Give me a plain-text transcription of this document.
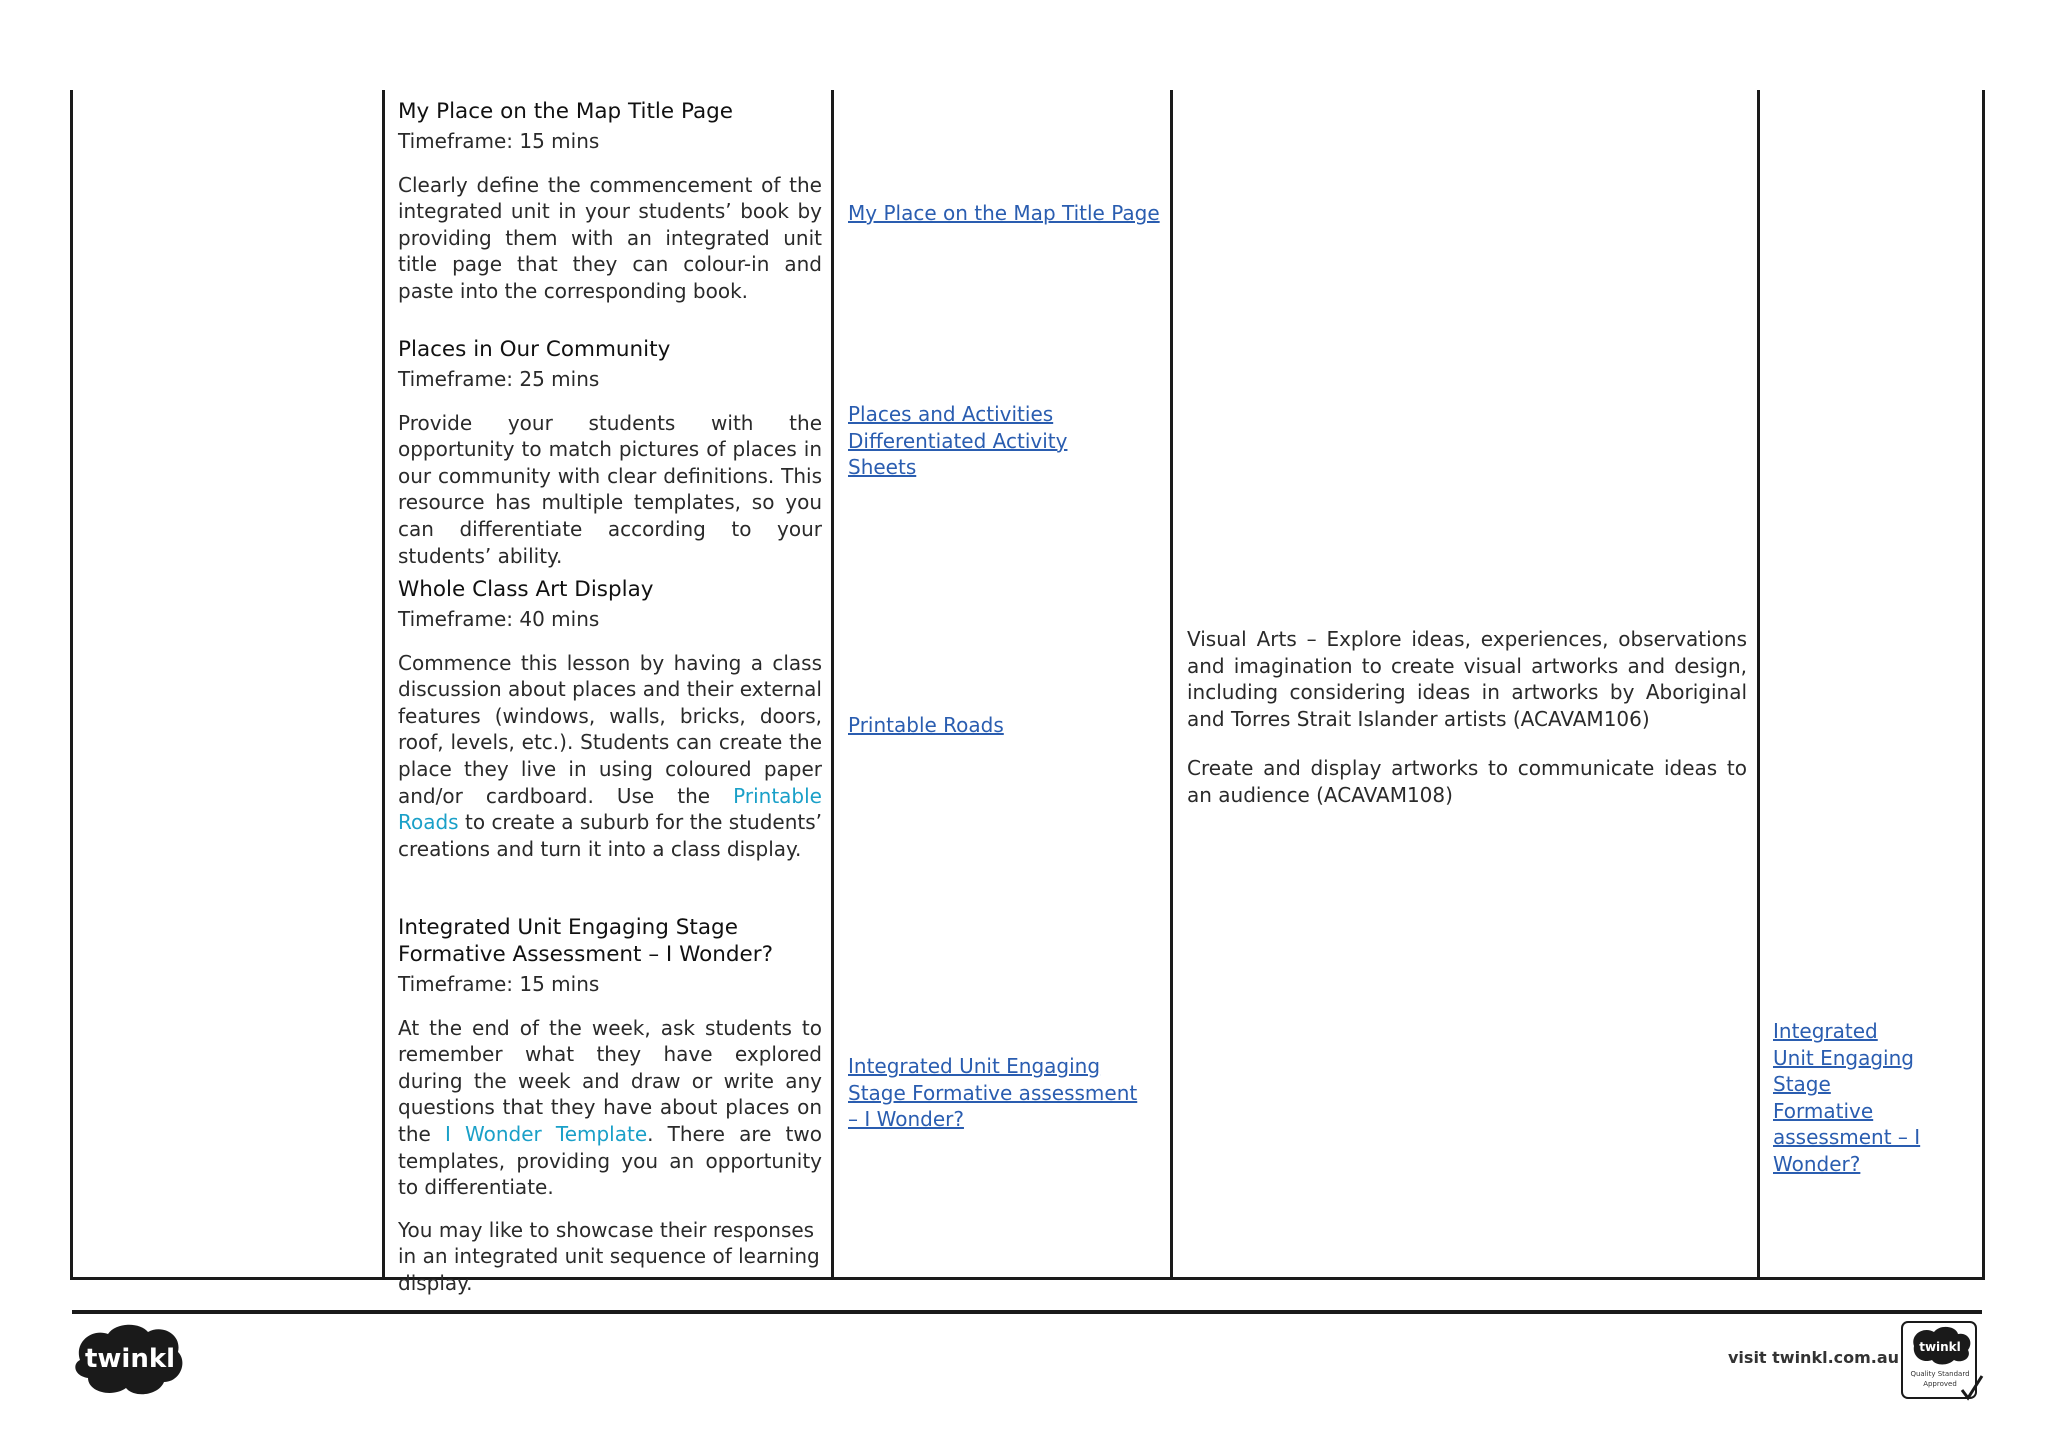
My Place on the Map Title Page

Timeframe: 15 mins

Clearly define the commencement of the integrated unit in your students’ book by providing them with an integrated unit title page that they can colour-in and paste into the corresponding book.

Places in Our Community

Timeframe: 25 mins

Provide your students with the opportunity to match pictures of places in our community with clear definitions. This resource has multiple templates, so you can differentiate according to your students’ ability.

Whole Class Art Display

Timeframe: 40 mins

Commence this lesson by having a class discussion about places and their external features (windows, walls, bricks, doors, roof, levels, etc.). Students can create the place they live in using coloured paper and/or cardboard. Use the Printable Roads to create a suburb for the students’ creations and turn it into a class display.

Integrated Unit Engaging Stage Formative Assessment – I Wonder?

Timeframe: 15 mins

At the end of the week, ask students to remember what they have explored during the week and draw or write any questions that they have about places on the I Wonder Template. There are two templates, providing you an opportunity to differentiate.

You may like to showcase their responses in an integrated unit sequence of learning display.

My Place on the Map Title Page
Places and Activities Differentiated Activity Sheets
Printable Roads
Integrated Unit Engaging Stage Formative assessment – I Wonder?

Visual Arts – Explore ideas, experiences, observations and imagination to create visual artworks and design, including considering ideas in artworks by Aboriginal and Torres Strait Islander artists (ACAVAM106)

Create and display artworks to communicate ideas to an audience (ACAVAM108)

Integrated Unit Engaging Stage Formative assessment – I Wonder?
twinkl	visit twinkl.com.au
twinkl
Quality Standard
Approved
